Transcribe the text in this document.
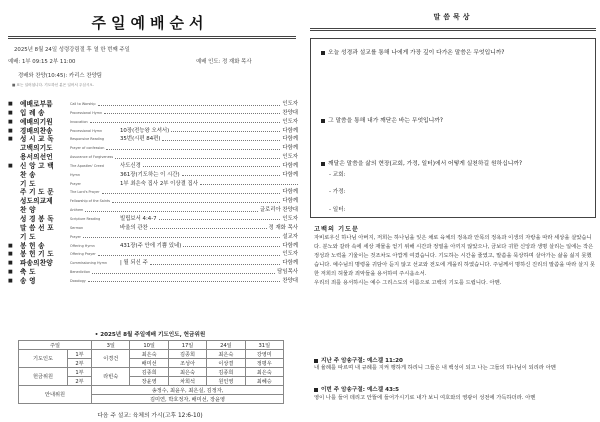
주일예배순서
2025년 8월 24일 성령강림절 후 열 한 번째 주일
예배: 1부 09:15 2부 11:00	예배 인도: 정 재화 목사
경배와 찬양(10:45): 카리스 찬양팀
■ 표는 일어섭니다. 기도하신 분은 일어서 주십시오.
■ 예배로부름	Call to Worship	인도자
■ 입 례 송	Processional Hymn	찬양대
■ 예배의기원	Invocation	인도자
■ 경배의찬송	Processional Hymn	10장(전능왕 오셔서)	다함께
■ 성 시 교 독	Responsive Reading	35번(시편 84편)	다함께
고백의기도	Prayer of confession	다함께
용서의선언	Assurance of Forgiveness	인도자
■ 신 앙 고 백	The Apostles' Creed	사도신경	다함께
찬 송	Hymn	361장(기도하는 이 시간)	다함께
기 도	Prayer	1부 최은숙 집사 2부 이상결 집사
주 기 도 문	The Lord's Prayer	다함께
성도의교제	Fellowship of the Saints	다함께
찬 양	Anthem	글로리아 찬양대
성 경 봉 독	Scripture Reading	빌립보서 4:4-7	인도자
말 씀 선 포	Sermon	바울의 관찬	정 재화 목사
기 도	Prayer	설교자
■ 봉 헌 송	Offering Hymn	431장(주 안에 기쁨 있네)	다함께
■ 봉 헌 기 도	Offering Prayer	인도자
■ 파송의찬양	Commissioning Hymn | 될 되신 주	다함께
■ 축 도	Benediction	담임목사
■ 송 영	Doxology	찬양대
• 2025년 8월 주일예배 기도인도, 헌금위원
주일		3일	10일	17일	24일	31일
기도인도	1부	이경건	최은숙	김종희	최은숙	강영미
	2부		배미선	조성아	이상결	정평우
헌금위원	1부	라빈숙	김종희	최은숙	김종희	최은숙
	2부		장윤영	차희석	원인영	최혜승
안내위원		송정수, 최윤우, 최은실, 김정자,				
		김미연, 박호정자, 배미선, 장윤영				
다음 주 설교: 육체의 가시(고후 12:6-10)
말씀묵상
오늘 성경과 설교를 통해 나에게 가장 깊이 다가온 말씀은 무엇입니까?
그 말씀을 통해 내가 깨닫은 바는 무엇입니까?
깨달은 말씀을 삶의 현장(교회, 가정, 일터)에서 어떻게 실천하길 원하십니까?
- 교회:
- 가정:
- 일터:
고백의 기도문
자비로우신 하나님 아버지, 저희는 하나님을 잊은 채로 육체의 정욕과 안목의 정욕과 이생의 자랑을 따라 세상을 살았습니다. 분노와 갈라 속에 세상 재물을 얻기 위해 시간과 정열을 아끼지 않았으나, 금보다 귀한 신앙과 생명 살리는 일에는 작은 정성과 노력을 기울이는 것조차도 아깝게 여겼습니다. 기도하는 시간을 줄였고, 말씀을 묵상하며 살아가는 삶을 싫지 못했습니다. 예수님의 명령을 귀담아 듣지 않고 선교와 전도에 게을리 하였습니다. 주님께서 명하신 진리의 말씀을 따라 살지 못한 저희의 허물과 죄악들을 용서하여 주시옵소서.
우리의 죄를 용서하시는 예수 그리스도의 이름으로 고백의 기도를 드립니다. 아멘.
지난 주 암송구절: 예스겔 11:20
내 율례를 따르며 내 규례를 지켜 행하게 하리니 그들은 내 백성이 되고 나는 그들의 하나님이 되리라 아멘
이번 주 암송구절: 예스겔 43:5
영이 나를 들어 데리고 안뜰에 들어가시기로 내가 보니 여호와의 영광이 성전에 가득하더라. 아멘
